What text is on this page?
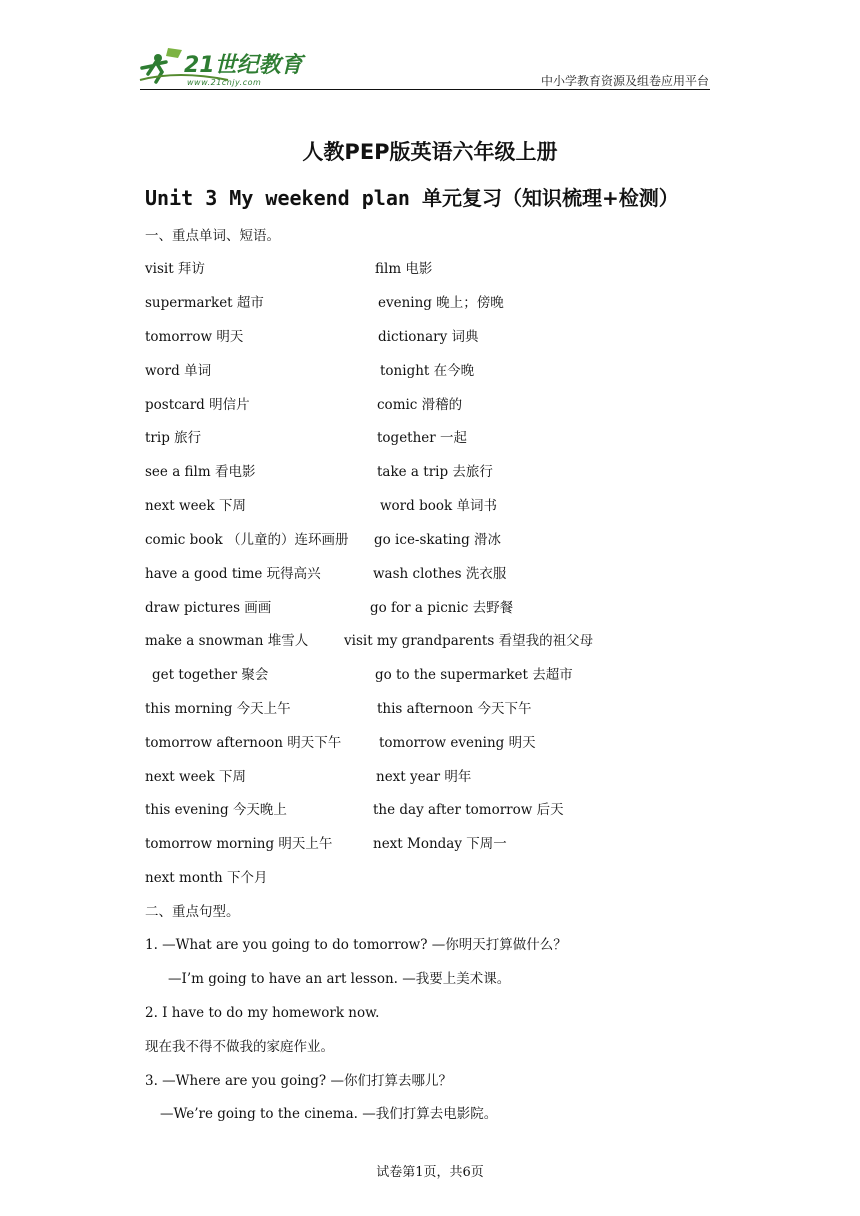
21世纪教育
www.21cnjy.com	中小学教育资源及组卷应用平台
人教PEP版英语六年级上册
Unit 3 My weekend plan 单元复习（知识梳理+检测）
一、重点单词、短语。
visit 拜访	film 电影
supermarket 超市	evening 晚上；傍晚
tomorrow 明天	dictionary 词典
word 单词	tonight 在今晚
postcard 明信片	comic 滑稽的
trip 旅行	together 一起
see a film 看电影	take a trip 去旅行
next week 下周	word book 单词书
comic book （儿童的）连环画册 go ice-skating 滑冰
have a good time 玩得高兴	wash clothes 洗衣服
draw pictures 画画	go for a picnic 去野餐
make a snowman 堆雪人	visit my grandparents 看望我的祖父母
get together 聚会	go to the supermarket 去超市
this morning 今天上午	this afternoon 今天下午
tomorrow afternoon 明天下午	tomorrow evening 明天
next week 下周	next year 明年
this evening 今天晚上	the day after tomorrow 后天
tomorrow morning 明天上午	next Monday 下周一
next month 下个月
二、重点句型。
1. —What are you going to do tomorrow? —你明天打算做什么？
—I’m going to have an art lesson. —我要上美术课。
2. I have to do my homework now.
现在我不得不做我的家庭作业。
3. —Where are you going? —你们打算去哪儿？
—We’re going to the cinema. —我们打算去电影院。
试卷第1页，共6页
